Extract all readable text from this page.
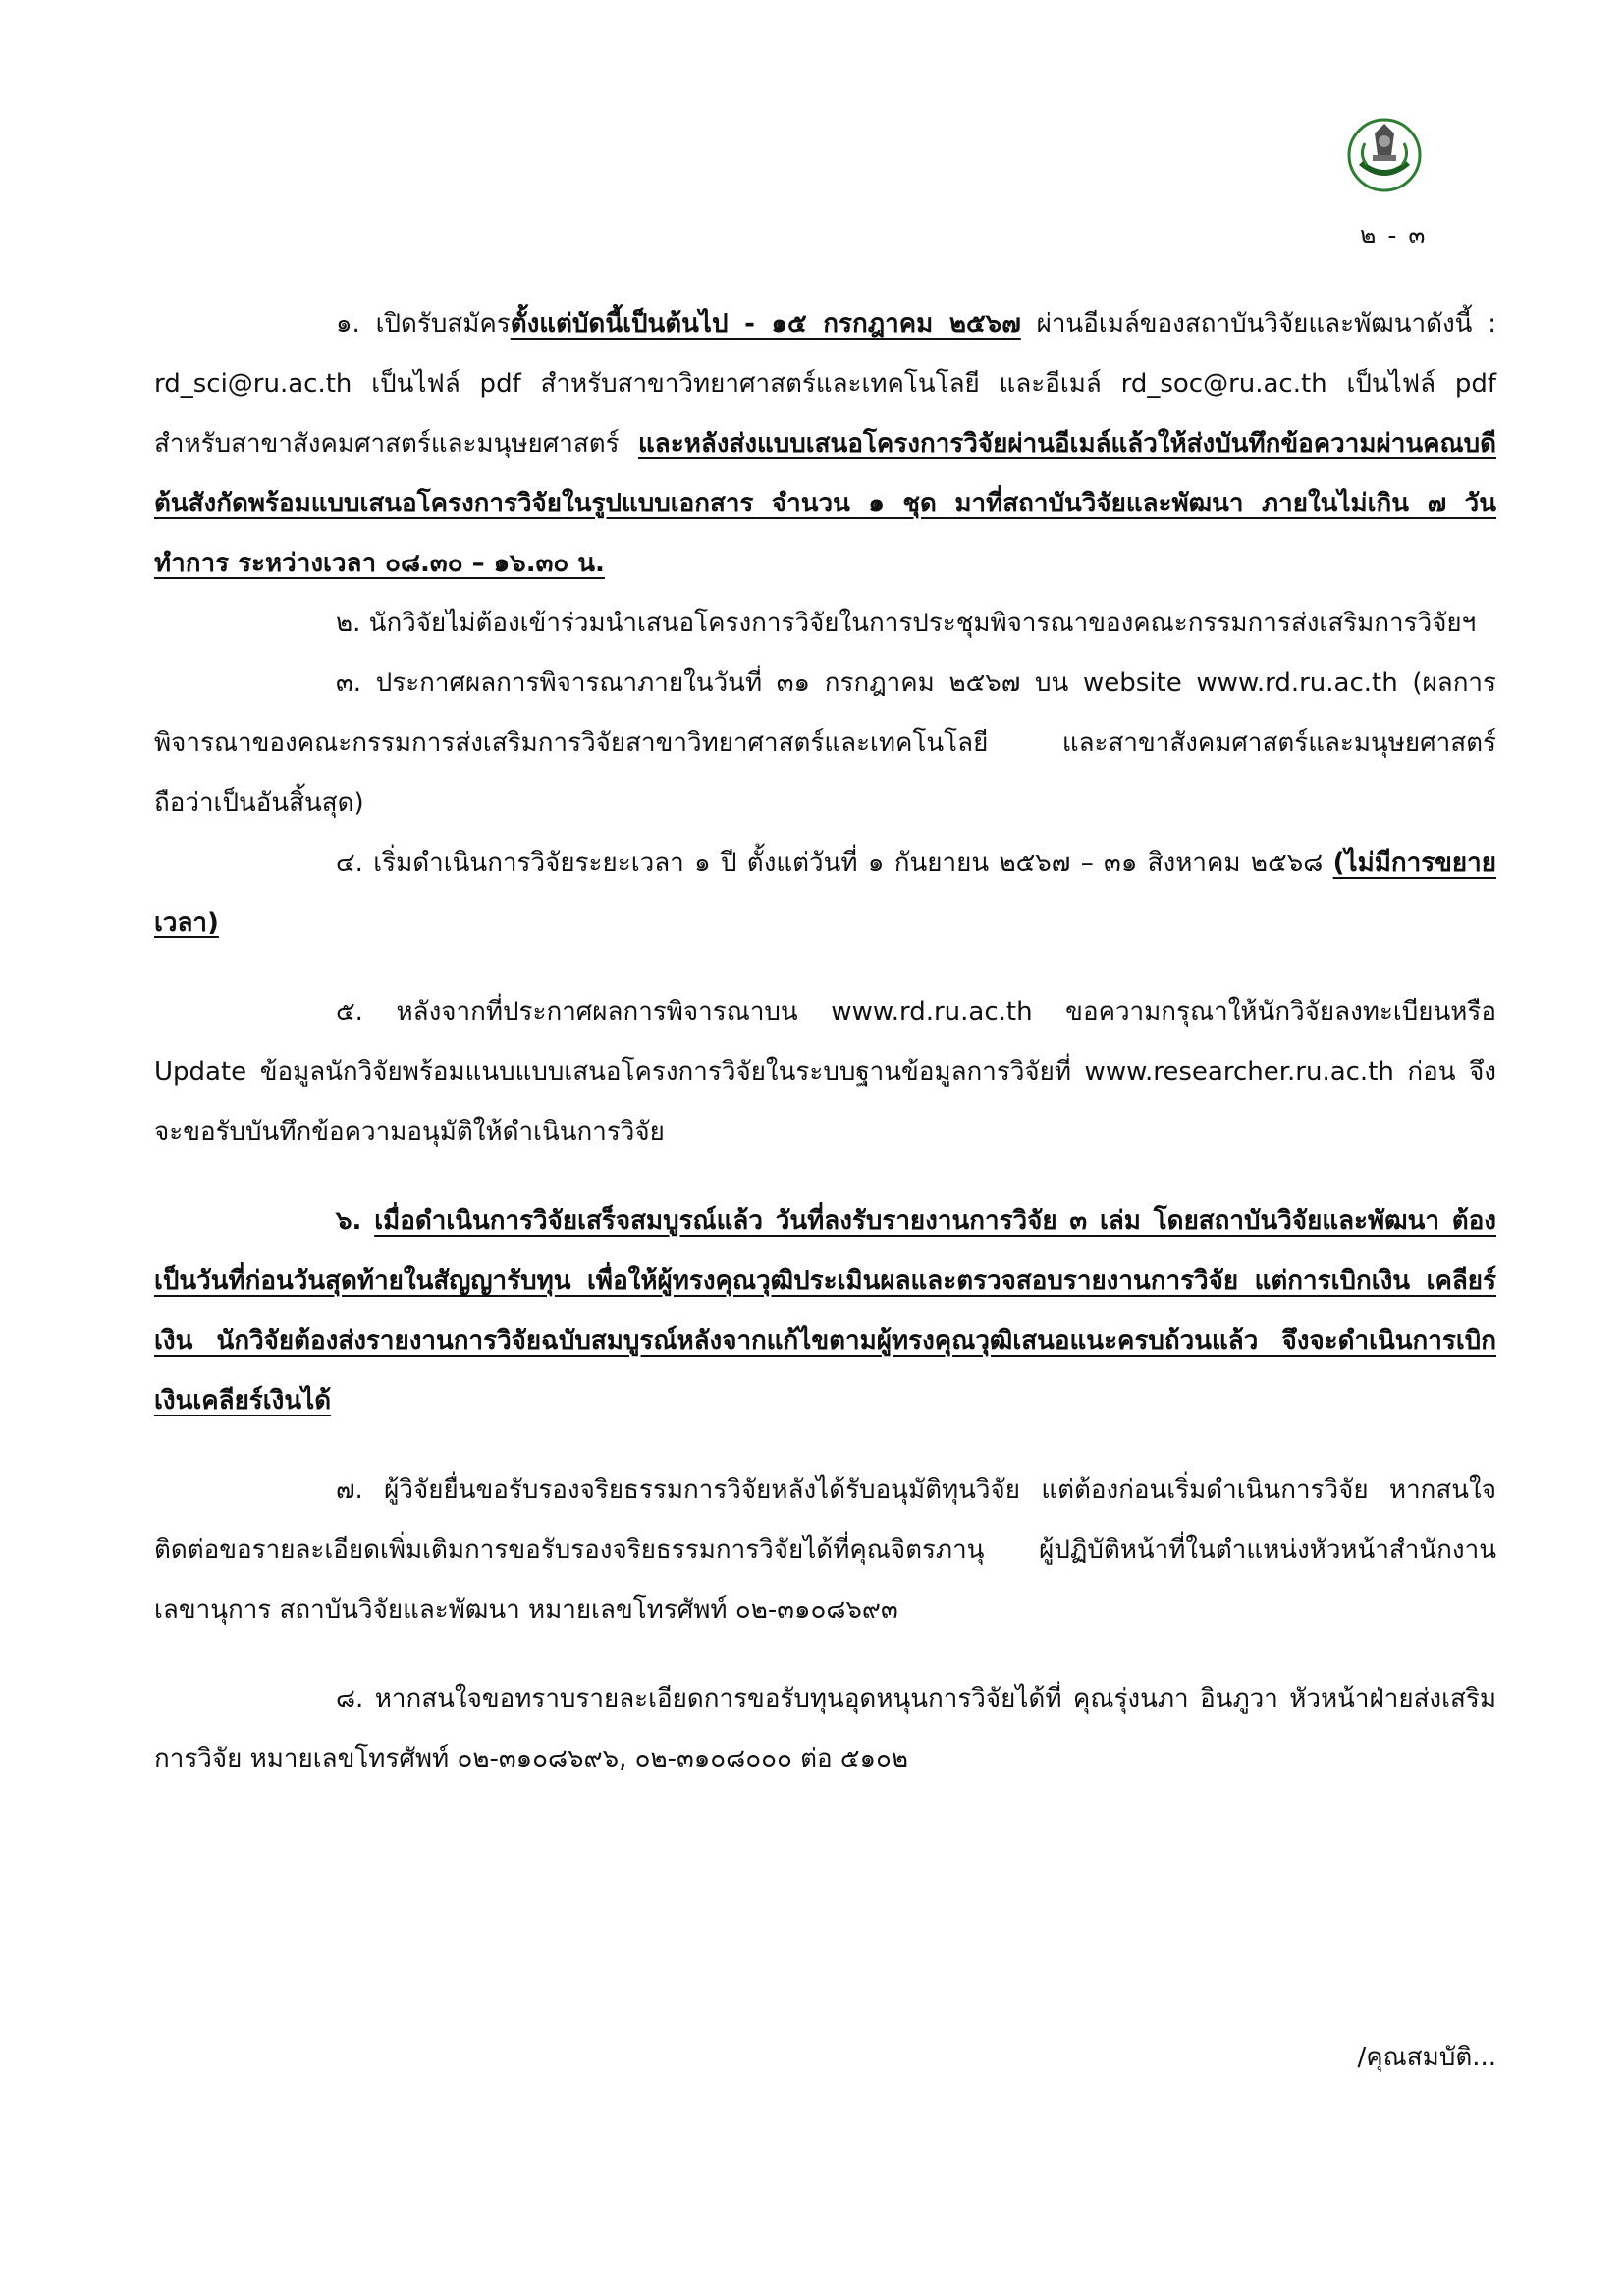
๒ - ๓

๑. เปิดรับสมัครตั้งแต่บัดนี้เป็นต้นไป - ๑๕ กรกฎาคม ๒๕๖๗ ผ่านอีเมล์ของสถาบันวิจัยและพัฒนาดังนี้ : rd_sci@ru.ac.th เป็นไฟล์ pdf สำหรับสาขาวิทยาศาสตร์และเทคโนโลยี และอีเมล์ rd_soc@ru.ac.th เป็นไฟล์ pdf สำหรับสาขาสังคมศาสตร์และมนุษยศาสตร์ และหลังส่งแบบเสนอโครงการวิจัยผ่านอีเมล์แล้วให้ส่งบันทึกข้อความผ่านคณบดีต้นสังกัดพร้อมแบบเสนอโครงการวิจัยในรูปแบบเอกสาร จำนวน ๑ ชุด มาที่สถาบันวิจัยและพัฒนา ภายในไม่เกิน ๗ วันทำการ ระหว่างเวลา ๐๘.๓๐ – ๑๖.๓๐ น.

๒. นักวิจัยไม่ต้องเข้าร่วมนำเสนอโครงการวิจัยในการประชุมพิจารณาของคณะกรรมการส่งเสริมการวิจัยฯ

๓. ประกาศผลการพิจารณาภายในวันที่ ๓๑ กรกฎาคม ๒๕๖๗ บน website www.rd.ru.ac.th (ผลการพิจารณาของคณะกรรมการส่งเสริมการวิจัยสาขาวิทยาศาสตร์และเทคโนโลยี และสาขาสังคมศาสตร์และมนุษยศาสตร์ ถือว่าเป็นอันสิ้นสุด)

๔. เริ่มดำเนินการวิจัยระยะเวลา ๑ ปี ตั้งแต่วันที่ ๑ กันยายน ๒๕๖๗ – ๓๑ สิงหาคม ๒๕๖๘ (ไม่มีการขยายเวลา)

๕. หลังจากที่ประกาศผลการพิจารณาบน www.rd.ru.ac.th ขอความกรุณาให้นักวิจัยลงทะเบียนหรือ Update ข้อมูลนักวิจัยพร้อมแนบแบบเสนอโครงการวิจัยในระบบฐานข้อมูลการวิจัยที่ www.researcher.ru.ac.th ก่อน จึงจะขอรับบันทึกข้อความอนุมัติให้ดำเนินการวิจัย

๖. เมื่อดำเนินการวิจัยเสร็จสมบูรณ์แล้ว วันที่ลงรับรายงานการวิจัย ๓ เล่ม โดยสถาบันวิจัยและพัฒนา ต้องเป็นวันที่ก่อนวันสุดท้ายในสัญญารับทุน เพื่อให้ผู้ทรงคุณวุฒิประเมินผลและตรวจสอบรายงานการวิจัย แต่การเบิกเงิน เคลียร์เงิน นักวิจัยต้องส่งรายงานการวิจัยฉบับสมบูรณ์หลังจากแก้ไขตามผู้ทรงคุณวุฒิเสนอแนะครบถ้วนแล้ว จึงจะดำเนินการเบิกเงินเคลียร์เงินได้

๗. ผู้วิจัยยื่นขอรับรองจริยธรรมการวิจัยหลังได้รับอนุมัติทุนวิจัย แต่ต้องก่อนเริ่มดำเนินการวิจัย หากสนใจติดต่อขอรายละเอียดเพิ่มเติมการขอรับรองจริยธรรมการวิจัยได้ที่คุณจิตรภานุ ผู้ปฏิบัติหน้าที่ในตำแหน่งหัวหน้าสำนักงานเลขานุการ สถาบันวิจัยและพัฒนา หมายเลขโทรศัพท์ ๐๒-๓๑๐๘๖๙๓

๘. หากสนใจขอทราบรายละเอียดการขอรับทุนอุดหนุนการวิจัยได้ที่ คุณรุ่งนภา อินภูวา หัวหน้าฝ่ายส่งเสริมการวิจัย หมายเลขโทรศัพท์ ๐๒-๓๑๐๘๖๙๖, ๐๒-๓๑๐๘๐๐๐ ต่อ ๕๑๐๒

/คุณสมบัติ...
